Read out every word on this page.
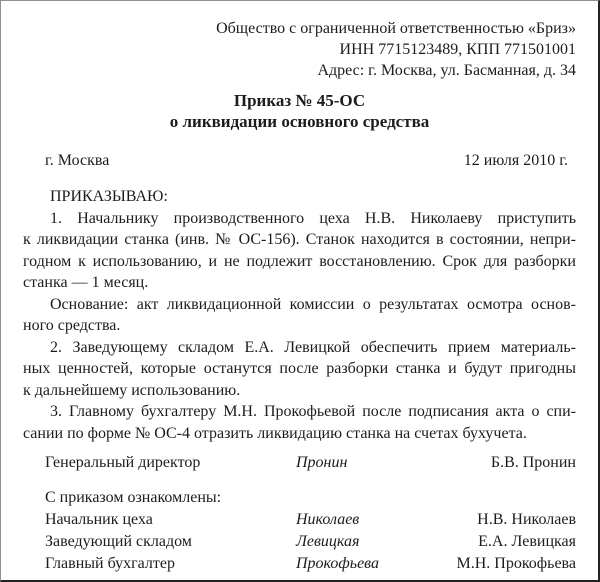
Общество с ограниченной ответственностью «Бриз»
ИНН 7715123489, КПП 771501001
Адрес: г. Москва, ул. Басманная, д. 34
Приказ № 45-ОС
о ликвидации основного средства
г. Москва	12 июля 2010 г.
ПРИКАЗЫВАЮ:
1. Начальнику производственного цеха Н.В. Николаеву приступить
к ликвидации станка (инв. № ОС-156). Станок находится в состоянии, непри-
годном к использованию, и не подлежит восстановлению. Срок для разборки
станка — 1 месяц.
Основание: акт ликвидационной комиссии о результатах осмотра основ-
ного средства.
2. Заведующему складом Е.А. Левицкой обеспечить прием материаль-
ных ценностей, которые останутся после разборки станка и будут пригодны
к дальнейшему использованию.
3. Главному бухгалтеру М.Н. Прокофьевой после подписания акта о спи-
сании по форме № ОС-4 отразить ликвидацию станка на счетах бухучета.
Генеральный директор	Пронин	Б.В. Пронин
С приказом ознакомлены:
Начальник цеха	Николаев	Н.В. Николаев
Заведующий складом	Левицкая	Е.А. Левицкая
Главный бухгалтер	Прокофьева	М.Н. Прокофьева
